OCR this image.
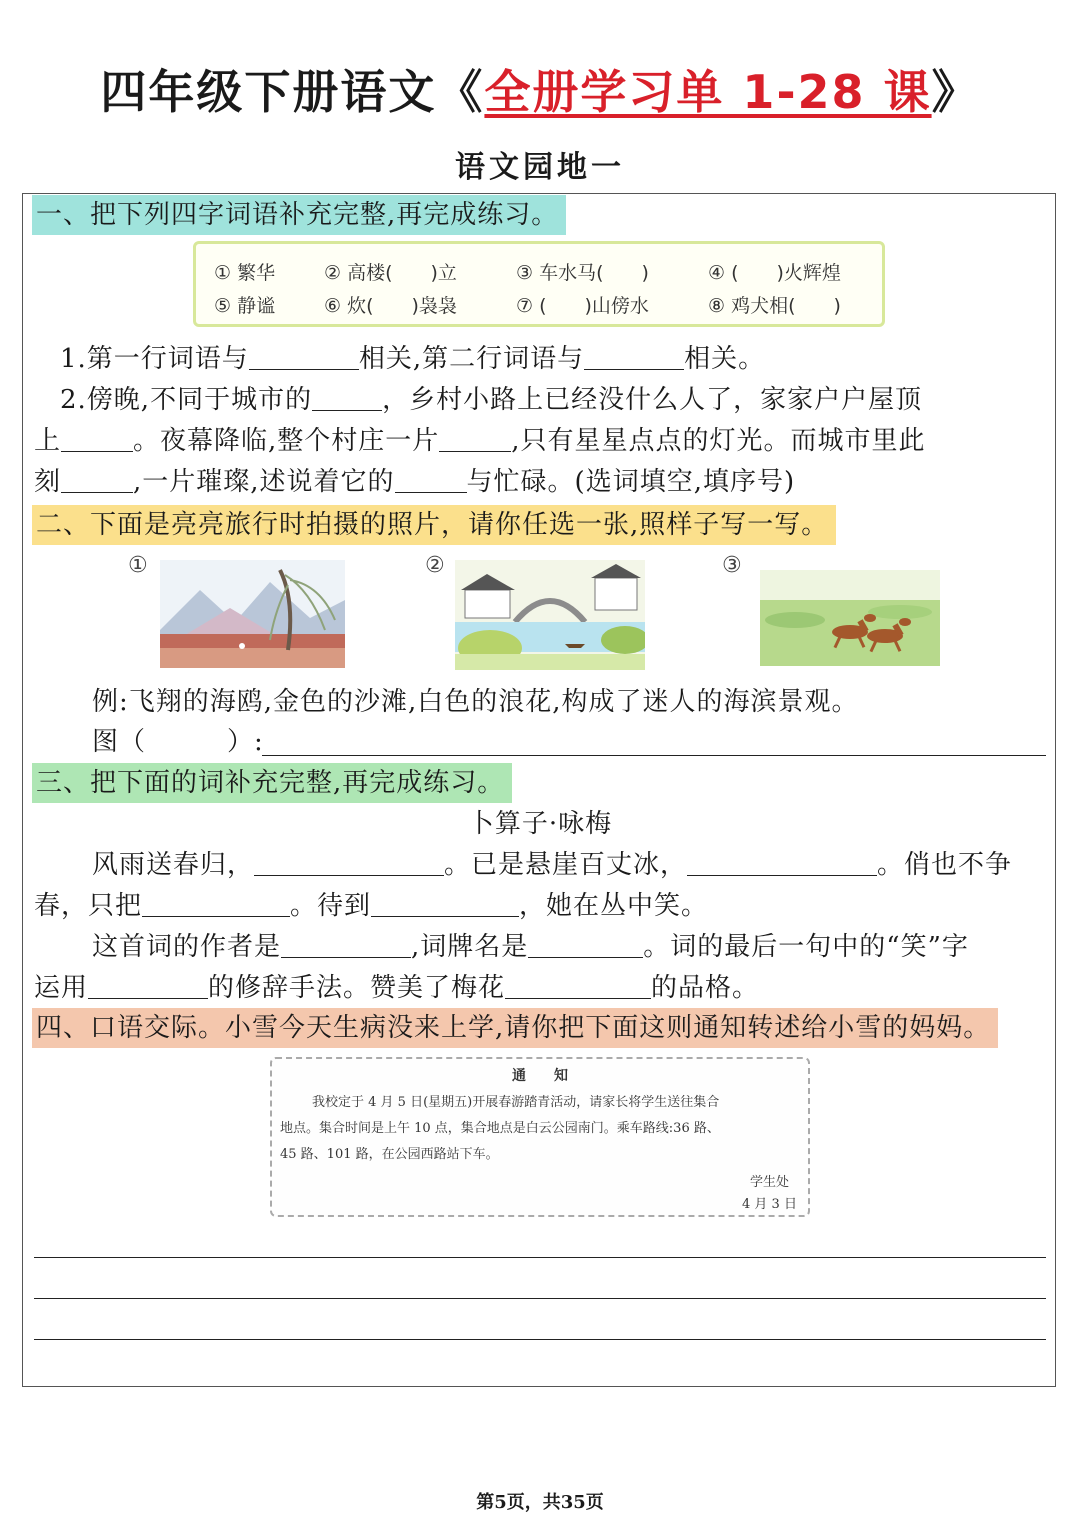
四年级下册语文《全册学习单 1-28 课》
语文园地一
一、把下列四字词语补充完整,再完成练习。
① 繁华	② 高楼(　　)立	③ 车水马(　　)	④ (　　)火辉煌
⑤ 静谧	⑥ 炊(　　)袅袅	⑦ (　　)山傍水	⑧ 鸡犬相(　　)
1.第一行词语与	相关,第二行词语与	相关。
2.傍晚,不同于城市的	，乡村小路上已经没什么人了，家家户户屋顶
上	。夜幕降临,整个村庄一片	,只有星星点点的灯光。而城市里此
刻	,一片璀璨,述说着它的	与忙碌。(选词填空,填序号)
二、下面是亮亮旅行时拍摄的照片，请你任选一张,照样子写一写。
①	②	③
例:飞翔的海鸥,金色的沙滩,白色的浪花,构成了迷人的海滨景观。
图（　　　）:
三、把下面的词补充完整,再完成练习。
卜算子·咏梅
风雨送春归，	。已是悬崖百丈冰，	。俏也不争
春，只把	。待到	，她在丛中笑。
这首词的作者是	,词牌名是	。词的最后一句中的“笑”字
运用	的修辞手法。赞美了梅花	的品格。
四、口语交际。小雪今天生病没来上学,请你把下面这则通知转述给小雪的妈妈。
通　　知
我校定于 4 月 5 日(星期五)开展春游踏青活动，请家长将学生送往集合
地点。集合时间是上午 10 点，集合地点是白云公园南门。乘车路线:36 路、
45 路、101 路，在公园西路站下车。
学生处
4 月 3 日
第5页，共35页
